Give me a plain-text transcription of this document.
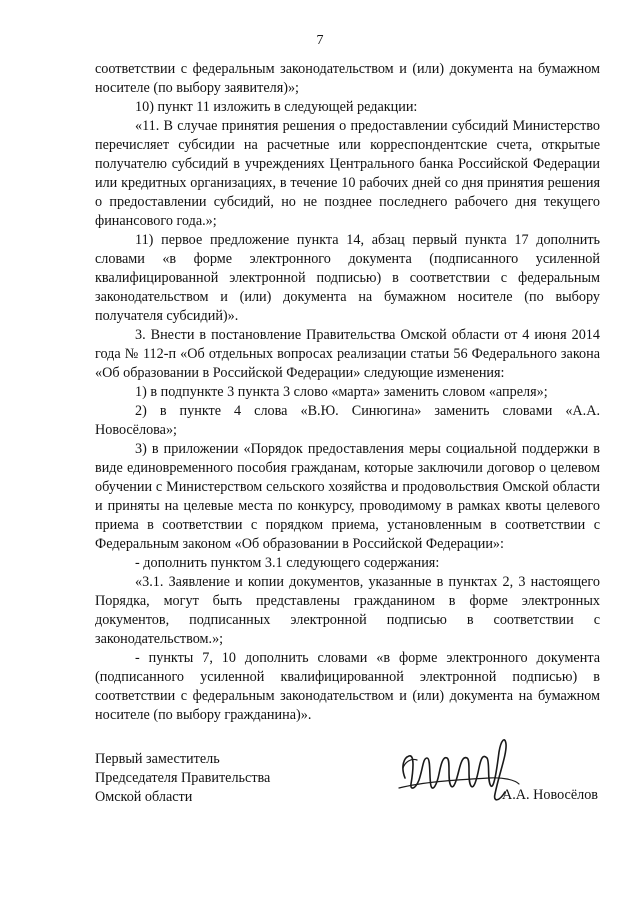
7

соответствии с федеральным законодательством и (или) документа на бумажном носителе (по выбору заявителя)»;

10) пункт 11 изложить в следующей редакции:

«11. В случае принятия решения о предоставлении субсидий Министерство перечисляет субсидии на расчетные или корреспондентские счета, открытые получателю субсидий в учреждениях Центрального банка Российской Федерации или кредитных организациях, в течение 10 рабочих дней со дня принятия решения о предоставлении субсидий, но не позднее последнего рабочего дня текущего финансового года.»;

11) первое предложение пункта 14, абзац первый пункта 17 дополнить словами «в форме электронного документа (подписанного усиленной квалифицированной электронной подписью) в соответствии с федеральным законодательством и (или) документа на бумажном носителе (по выбору получателя субсидий)».

3. Внести в постановление Правительства Омской области от 4 июня 2014 года № 112-п «Об отдельных вопросах реализации статьи 56 Федерального закона «Об образовании в Российской Федерации» следующие изменения:

1) в подпункте 3 пункта 3 слово «марта» заменить словом «апреля»;

2) в пункте 4 слова «В.Ю. Синюгина» заменить словами «А.А. Новосёлова»;

3) в приложении «Порядок предоставления меры социальной поддержки в виде единовременного пособия гражданам, которые заключили договор о целевом обучении с Министерством сельского хозяйства и продовольствия Омской области и приняты на целевые места по конкурсу, проводимому в рамках квоты целевого приема в соответствии с порядком приема, установленным в соответствии с Федеральным законом «Об образовании в Российской Федерации»:

- дополнить пунктом 3.1 следующего содержания:

«3.1. Заявление и копии документов, указанные в пунктах 2, 3 настоящего Порядка, могут быть представлены гражданином в форме электронных документов, подписанных электронной подписью в соответствии с законодательством.»;

- пункты 7, 10 дополнить словами «в форме электронного документа (подписанного усиленной квалифицированной электронной подписью) в соответствии с федеральным законодательством и (или) документа на бумажном носителе (по выбору гражданина)».

Первый заместитель
Председателя Правительства
Омской области	А.А. Новосёлов
